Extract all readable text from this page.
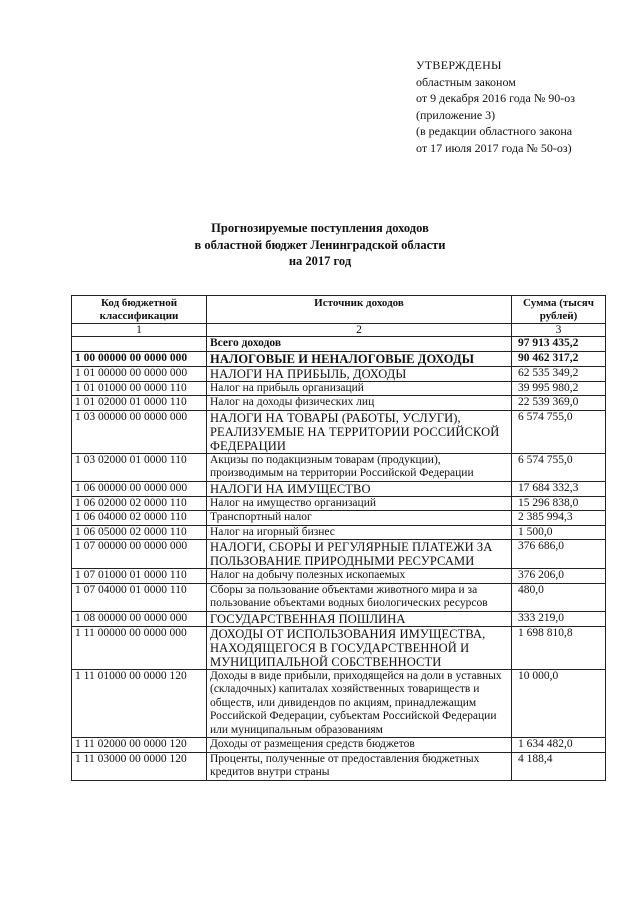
УТВЕРЖДЕНЫ
областным законом
от 9 декабря 2016 года № 90-оз
(приложение 3)
(в редакции областного закона
от 17 июля 2017 года № 50-оз)
Прогнозируемые поступления доходов
в областной бюджет Ленинградской области
на 2017 год
Код бюджетной классификации	Источник доходов	Сумма (тысяч рублей)
1	2	3
	Всего доходов	97 913 435,2
1 00 00000 00 0000 000	НАЛОГОВЫЕ И НЕНАЛОГОВЫЕ ДОХОДЫ	90 462 317,2
1 01 00000 00 0000 000	НАЛОГИ НА ПРИБЫЛЬ, ДОХОДЫ	62 535 349,2
1 01 01000 00 0000 110	Налог на прибыль организаций	39 995 980,2
1 01 02000 01 0000 110	Налог на доходы физических лиц	22 539 369,0
1 03 00000 00 0000 000	НАЛОГИ НА ТОВАРЫ (РАБОТЫ, УСЛУГИ), РЕАЛИЗУЕМЫЕ НА ТЕРРИТОРИИ РОССИЙСКОЙ ФЕДЕРАЦИИ	6 574 755,0
1 03 02000 01 0000 110	Акцизы по подакцизным товарам (продукции), производимым на территории Российской Федерации	6 574 755,0
1 06 00000 00 0000 000	НАЛОГИ НА ИМУЩЕСТВО	17 684 332,3
1 06 02000 02 0000 110	Налог на имущество организаций	15 296 838,0
1 06 04000 02 0000 110	Транспортный налог	2 385 994,3
1 06 05000 02 0000 110	Налог на игорный бизнес	1 500,0
1 07 00000 00 0000 000	НАЛОГИ, СБОРЫ И РЕГУЛЯРНЫЕ ПЛАТЕЖИ ЗА ПОЛЬЗОВАНИЕ ПРИРОДНЫМИ РЕСУРСАМИ	376 686,0
1 07 01000 01 0000 110	Налог на добычу полезных ископаемых	376 206,0
1 07 04000 01 0000 110	Сборы за пользование объектами животного мира и за пользование объектами водных биологических ресурсов	480,0
1 08 00000 00 0000 000	ГОСУДАРСТВЕННАЯ ПОШЛИНА	333 219,0
1 11 00000 00 0000 000	ДОХОДЫ ОТ ИСПОЛЬЗОВАНИЯ ИМУЩЕСТВА, НАХОДЯЩЕГОСЯ В ГОСУДАРСТВЕННОЙ И МУНИЦИПАЛЬНОЙ СОБСТВЕННОСТИ	1 698 810,8
1 11 01000 00 0000 120	Доходы в виде прибыли, приходящейся на доли в уставных (складочных) капиталах хозяйственных товариществ и обществ, или дивидендов по акциям, принадлежащим Российской Федерации, субъектам Российской Федерации или муниципальным образованиям	10 000,0
1 11 02000 00 0000 120	Доходы от размещения средств бюджетов	1 634 482,0
1 11 03000 00 0000 120	Проценты, полученные от предоставления бюджетных кредитов внутри страны	4 188,4
